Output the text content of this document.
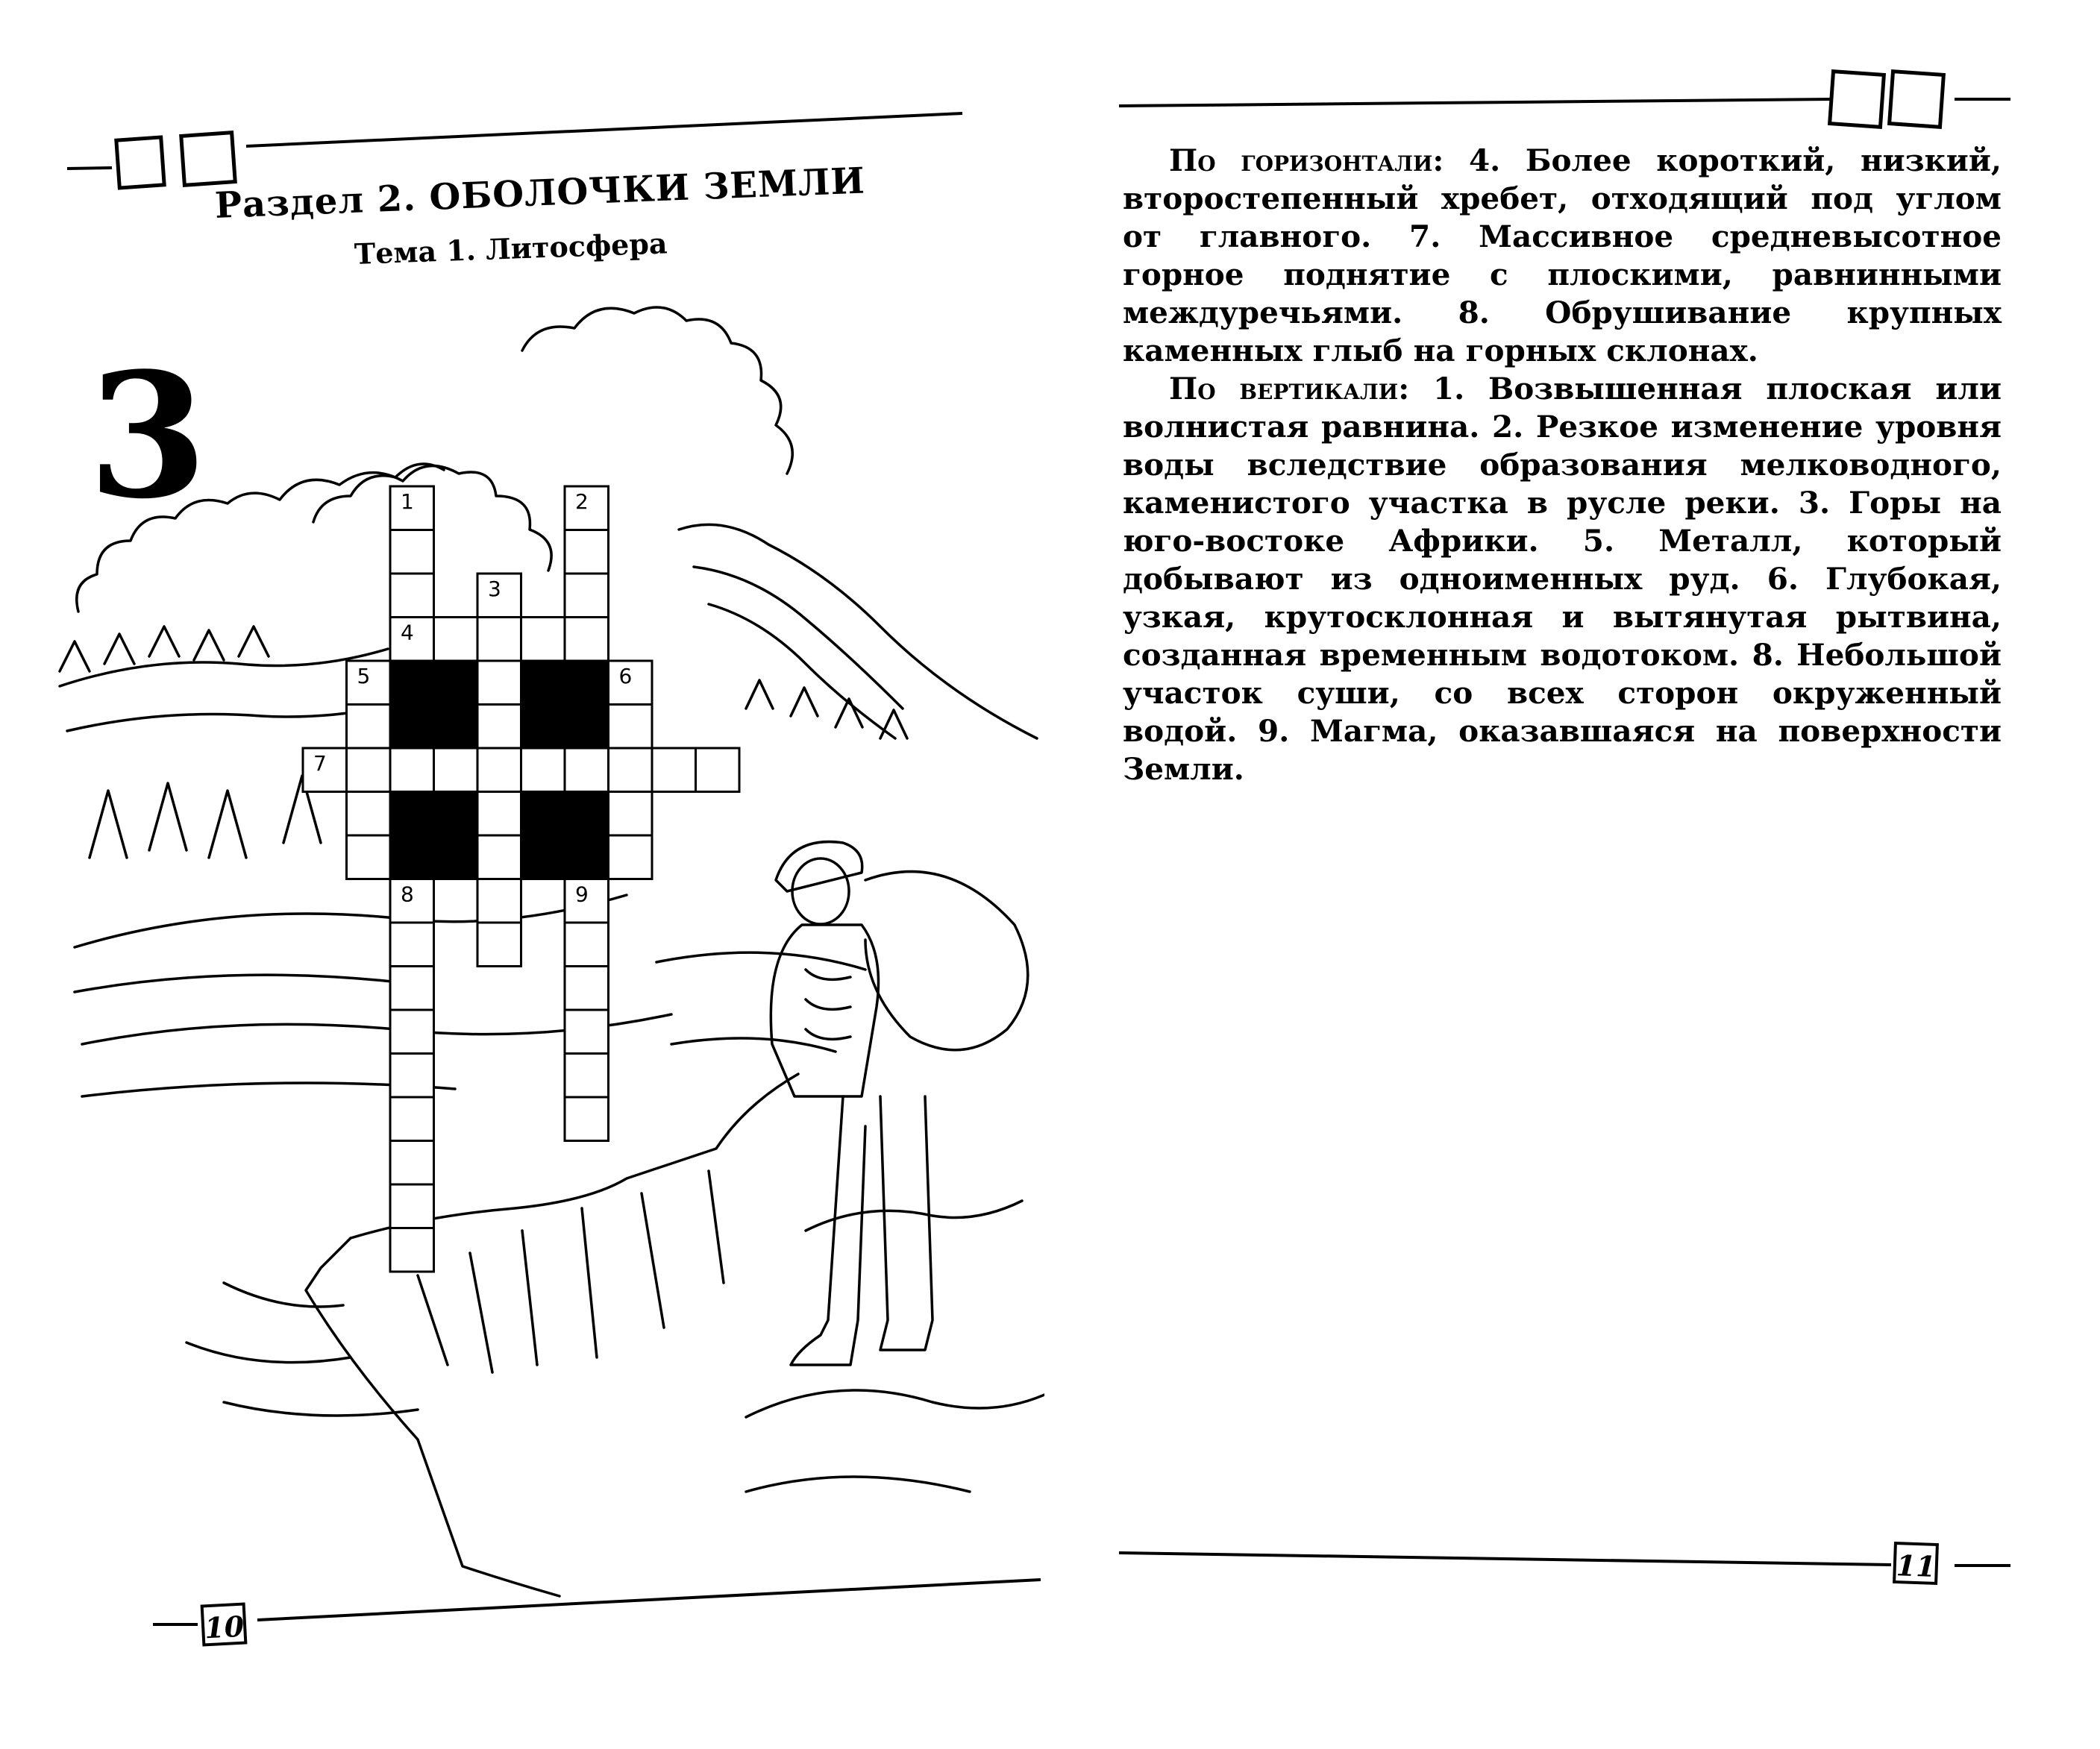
Раздел 2. ОБОЛОЧКИ ЗЕМЛИ
Тема 1. Литосфера
3	1	2
3
4
5	6
7
8	9
10

По горизонтали: 4. Более короткий, низкий, второстепенный хребет, отходящий под углом от главного. 7. Массивное средневысотное горное поднятие с плоскими, равнинными междуречьями. 8. Обрушивание крупных каменных глыб на горных склонах.

По вертикали: 1. Возвышенная плоская или волнистая равнина. 2. Резкое изменение уровня воды вследствие образования мелководного, каменистого участка в русле реки. 3. Горы на юго-востоке Африки. 5. Металл, который добывают из одноименных руд. 6. Глубокая, узкая, крутосклонная и вытянутая рытвина, созданная временным водотоком. 8. Небольшой участок суши, со всех сторон окруженный водой. 9. Магма, оказавшаяся на поверхности Земли.

11
